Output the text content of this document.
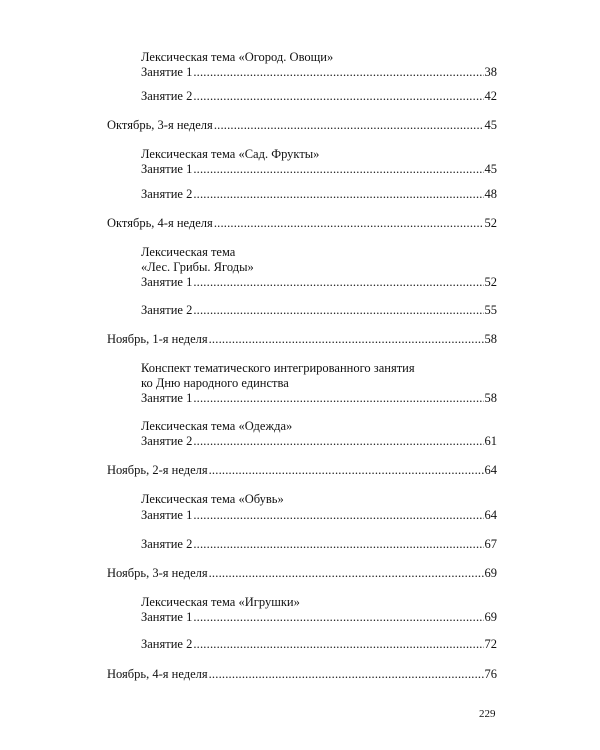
Лексическая тема «Огород. Овощи»
Занятие 1 .....	38
Занятие 2 .....	42
Октябрь, 3-я неделя .....	45
Лексическая тема «Сад. Фрукты»
Занятие 1 .....	45
Занятие 2 .....	48
Октябрь, 4-я неделя .....	52
Лексическая тема
«Лес. Грибы. Ягоды»
Занятие 1 .....	52
Занятие 2 .....	55
Ноябрь, 1-я неделя .....	58
Конспект тематического интегрированного занятия
ко Дню народного единства
Занятие 1 .....	58
Лексическая тема «Одежда»
Занятие 2 .....	61
Ноябрь, 2-я неделя .....	64
Лексическая тема «Обувь»
Занятие 1 .....	64
Занятие 2 .....	67
Ноябрь, 3-я неделя .....	69
Лексическая тема «Игрушки»
Занятие 1 .....	69
Занятие 2 .....	72
Ноябрь, 4-я неделя .....	76
229
